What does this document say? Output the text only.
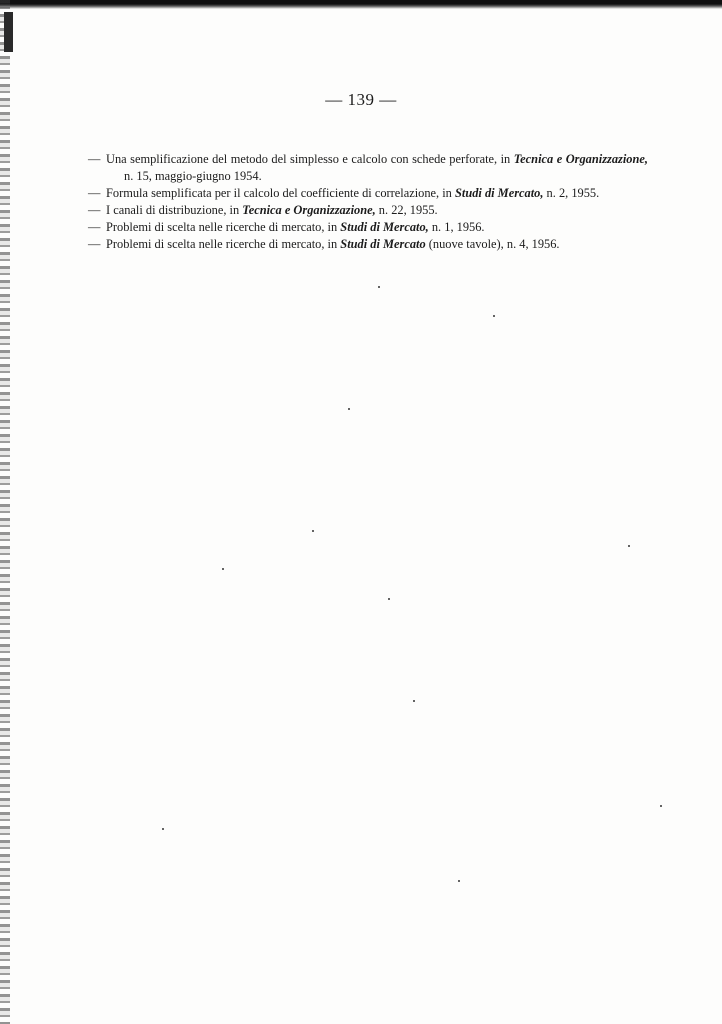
— 139 —
— Una semplificazione del metodo del simplesso e calcolo con schede perforate, in Tecnica e Organizzazione, n. 15, maggio-giugno 1954.
— Formula semplificata per il calcolo del coefficiente di correlazione, in Studi di Mercato, n. 2, 1955.
— I canali di distribuzione, in Tecnica e Organizzazione, n. 22, 1955.
— Problemi di scelta nelle ricerche di mercato, in Studi di Mercato, n. 1, 1956.
— Problemi di scelta nelle ricerche di mercato, in Studi di Mercato (nuove tavole), n. 4, 1956.
